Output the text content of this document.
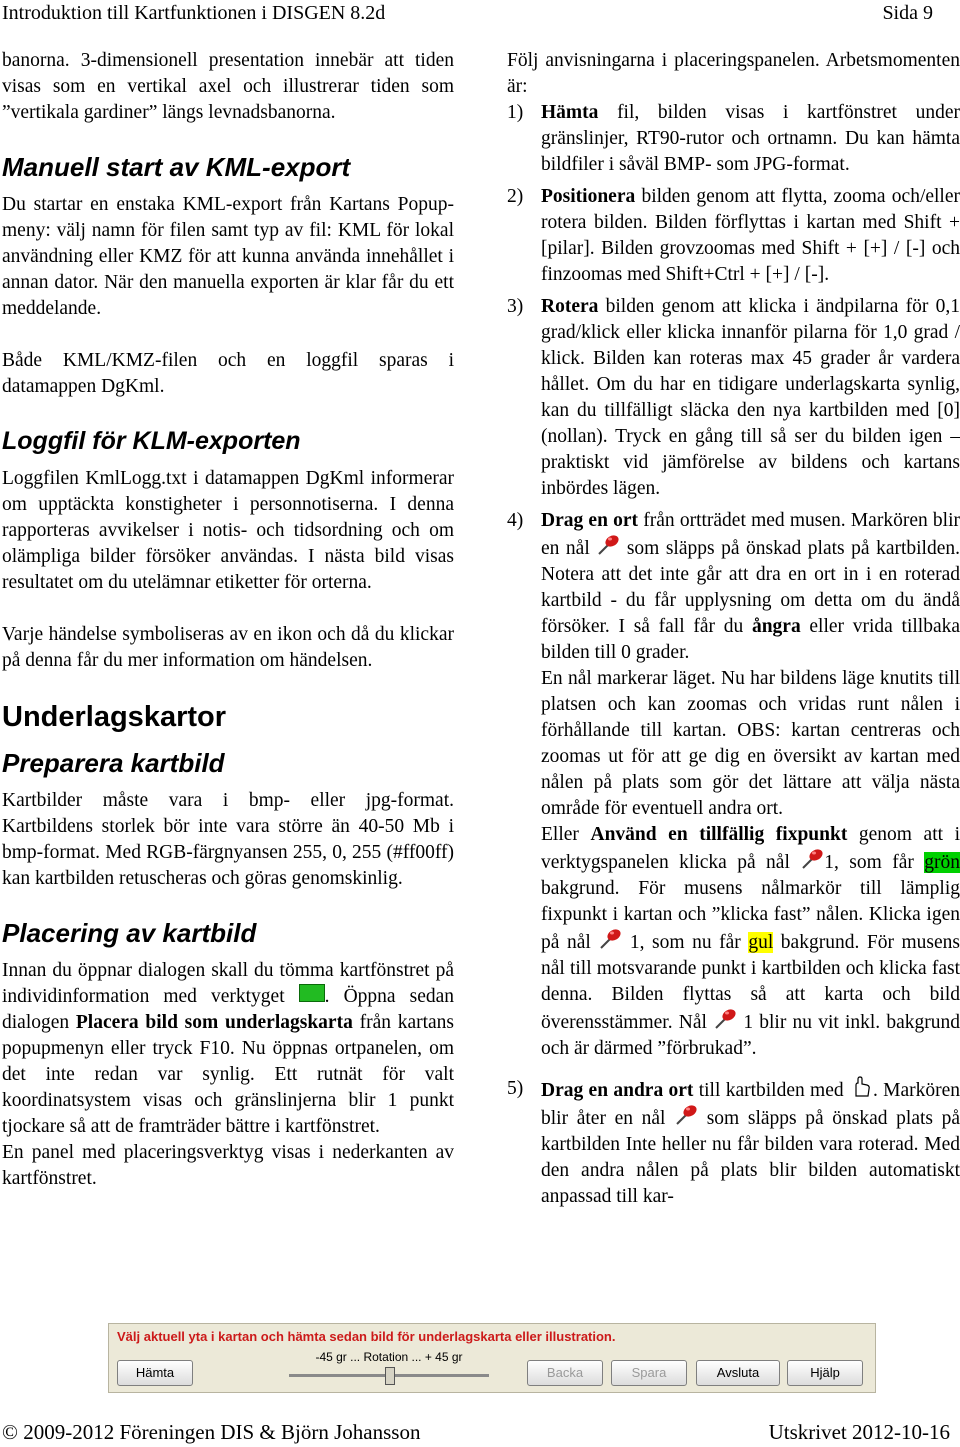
Introduktion till Kartfunktionen i DISGEN 8.2d	Sida 9

banorna. 3-dimensionell presentation innebär att tiden visas som en vertikal axel och illustrerar tiden som ”vertikala gardiner” längs levnadsbanorna.

Manuell start av KML-export

Du startar en enstaka KML-export från Kartans Popup-meny: välj namn för filen samt typ av fil: KML för lokal användning eller KMZ för att kunna använda innehållet i annan dator. När den manuella exporten är klar får du ett meddelande.

Både KML/KMZ-filen och en loggfil sparas i datamappen DgKml.

Loggfil för KLM-exporten

Loggfilen KmlLogg.txt i datamappen DgKml informerar om upptäckta konstigheter i personnotiserna. I denna rapporteras avvikelser i notis- och tidsordning och om olämpliga bilder försöker användas. I nästa bild visas resultatet om du utelämnar etiketter för orterna.

Varje händelse symboliseras av en ikon och då du klickar på denna får du mer information om händelsen.

Underlagskartor
Preparera kartbild

Kartbilder måste vara i bmp- eller jpg-format. Kartbildens storlek bör inte vara större än 40-50 Mb i bmp-format. Med RGB-färgnyansen 255, 0, 255 (#ff00ff) kan kartbilden retuscheras och göras genomskinlig.

Placering av kartbild

Innan du öppnar dialogen skall du tömma kartfönstret på individinformation med verktyget . Öppna sedan dialogen Placera bild som underlagskarta från kartans popupmenyn eller tryck F10. Nu öppnas ortpanelen, om det inte redan var synlig. Ett rutnät för valt koordinatsystem visas och gränslinjerna blir 1 punkt tjockare så att de framträder bättre i kartfönstret.

En panel med placeringsverktyg visas i nederkanten av kartfönstret.

Följ anvisningarna i placeringspanelen. Arbetsmomenten är:

1) Hämta fil, bilden visas i kartfönstret under gränslinjer, RT90-rutor och ortnamn. Du kan hämta bildfiler i såväl BMP- som JPG-format.
2) Positionera bilden genom att flytta, zooma och/eller rotera bilden. Bilden förflyttas i kartan med Shift + [pilar]. Bilden grovzoomas med Shift + [+] / [-] och finzoomas med Shift+Ctrl + [+] / [-].
3) Rotera bilden genom att klicka i ändpilarna för 0,1 grad/klick eller klicka innanför pilarna för 1,0 grad / klick. Bilden kan roteras max 45 grader år vardera hållet. Om du har en tidigare underlagskarta synlig, kan du tillfälligt släcka den nya kartbilden med [0] (nollan). Tryck en gång till så ser du bilden igen – praktiskt vid jämförelse av bildens och kartans inbördes lägen.
4) Drag en ort från ortträdet med musen. Markören blir en nål som släpps på önskad plats på kartbilden. Notera att det inte går att dra en ort in i en roterad kartbild - du får upplysning om detta om du ändå försöker. I så fall får du ångra eller vrida tillbaka bilden till 0 grader.
En nål markerar läget. Nu har bildens läge knutits till platsen och kan zoomas och vridas runt nålen i förhållande till kartan. OBS: kartan centreras och zoomas ut för att ge dig en översikt av kartan med nålen på plats som gör det lättare att välja nästa område för eventuell andra ort.
Eller Använd en tillfällig fixpunkt genom att i verktygspanelen klicka på nål 1, som får grön bakgrund. För musens nålmarkör till lämplig fixpunkt i kartan och ”klicka fast” nålen. Klicka igen på nål 1, som nu får gul bakgrund. För musens nål till motsvarande punkt i kartbilden och klicka fast denna. Bilden flyttas så att karta och bild överensstämmer. Nål 1 blir nu vit inkl. bakgrund och är därmed ”förbrukad”.
5) Drag en andra ort till kartbilden med . Markören blir åter en nål som släpps på önskad plats på kartbilden Inte heller nu får bilden vara roterad. Med den andra nålen på plats blir bilden automatiskt anpassad till kar-
Välj aktuell yta i kartan och hämta sedan bild för underlagskarta eller illustration.
Hämta
-45 gr ... Rotation ... + 45 gr
Backa	Spara	Avsluta	Hjälp
© 2009-2012 Föreningen DIS & Björn Johansson	Utskrivet 2012-10-16
